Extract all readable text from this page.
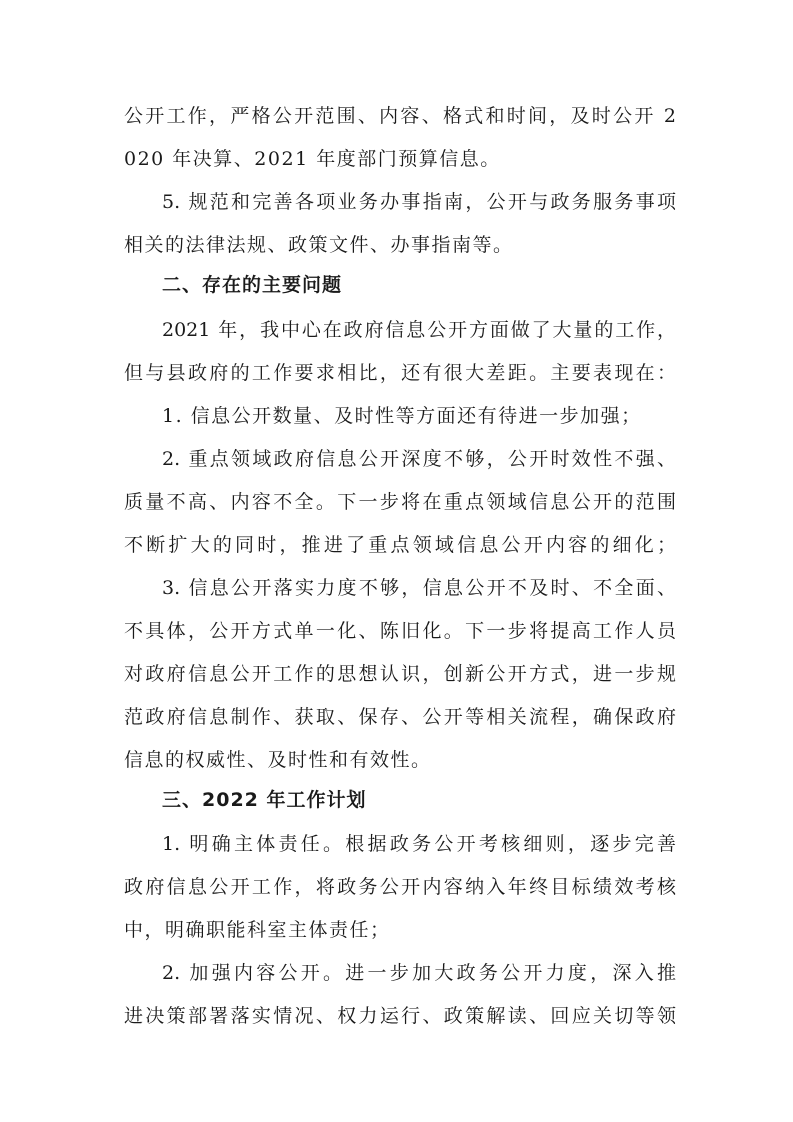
公开工作，严格公开范围、内容、格式和时间，及时公开 2
020 年决算、2021 年度部门预算信息。
5. 规范和完善各项业务办事指南，公开与政务服务事项
相关的法律法规、政策文件、办事指南等。
二、存在的主要问题
2021 年，我中心在政府信息公开方面做了大量的工作，
但与县政府的工作要求相比，还有很大差距。主要表现在：
1. 信息公开数量、及时性等方面还有待进一步加强；
2. 重点领域政府信息公开深度不够，公开时效性不强、
质量不高、内容不全。下一步将在重点领域信息公开的范围
不断扩大的同时，推进了重点领域信息公开内容的细化；
3. 信息公开落实力度不够，信息公开不及时、不全面、
不具体，公开方式单一化、陈旧化。下一步将提高工作人员
对政府信息公开工作的思想认识，创新公开方式，进一步规
范政府信息制作、获取、保存、公开等相关流程，确保政府
信息的权威性、及时性和有效性。
三、2022 年工作计划
1. 明确主体责任。根据政务公开考核细则，逐步完善
政府信息公开工作，将政务公开内容纳入年终目标绩效考核
中，明确职能科室主体责任；
2. 加强内容公开。进一步加大政务公开力度，深入推
进决策部署落实情况、权力运行、政策解读、回应关切等领
